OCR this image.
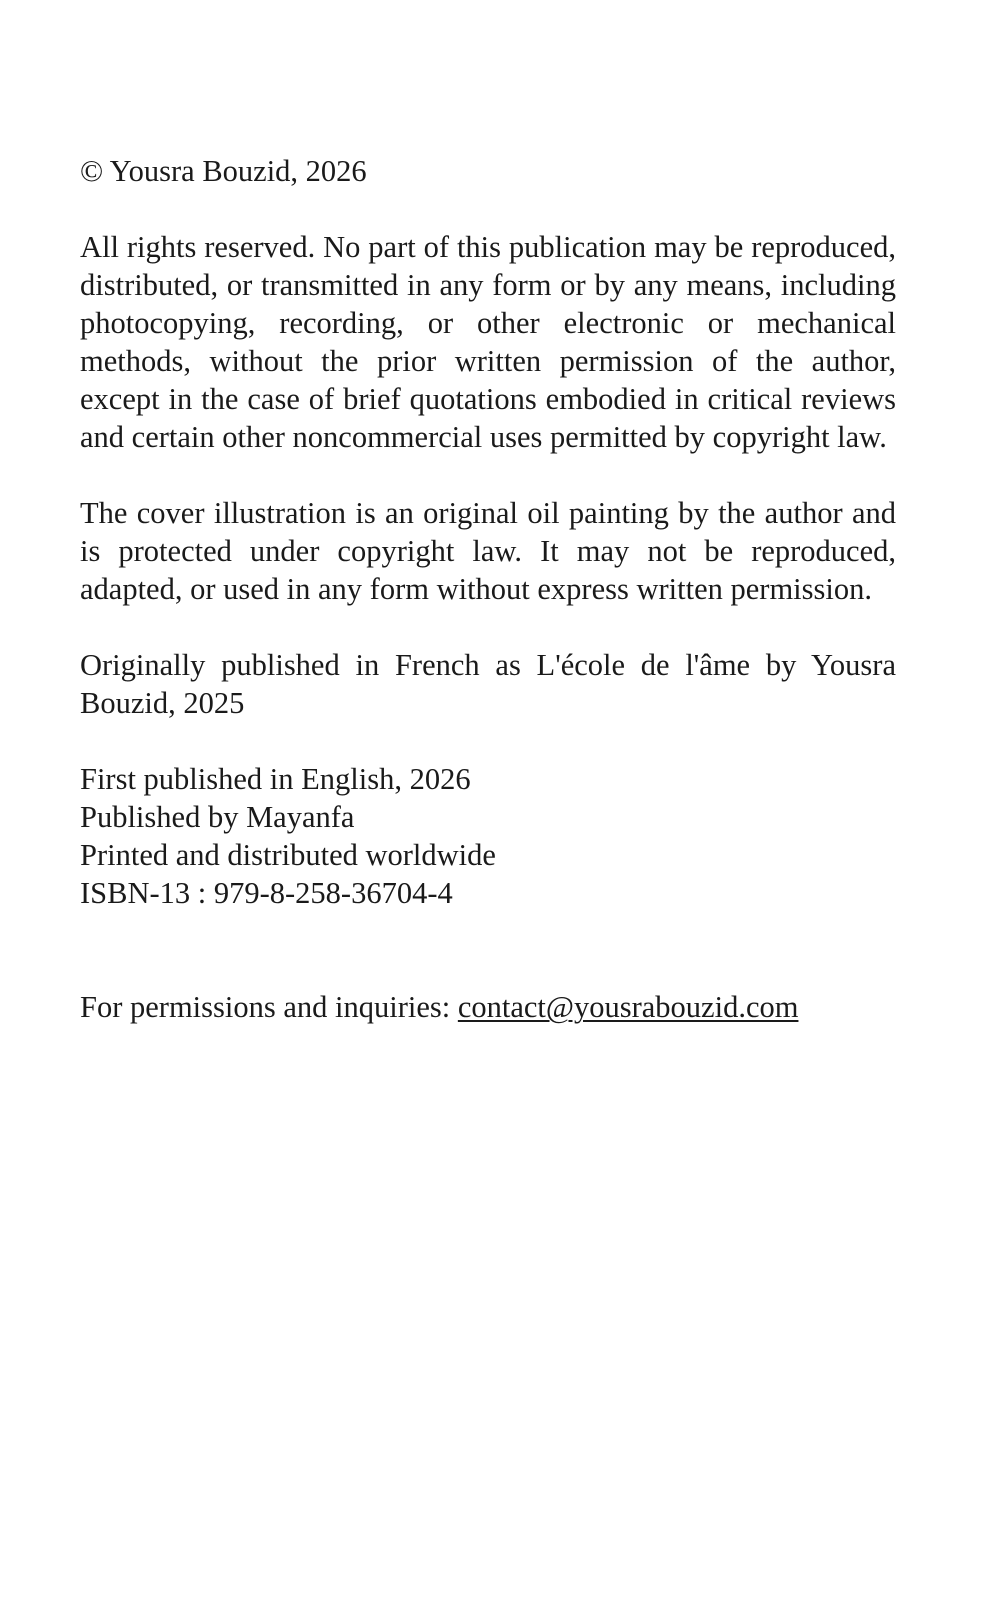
© Yousra Bouzid, 2026

All rights reserved. No part of this publication may be reproduced, distributed, or transmitted in any form or by any means, including photocopying, recording, or other electronic or mechanical methods, without the prior written permission of the author, except in the case of brief quotations embodied in critical reviews and certain other noncommercial uses permitted by copyright law.

The cover illustration is an original oil painting by the author and is protected under copyright law. It may not be reproduced, adapted, or used in any form without express written permission.

Originally published in French as L'école de l'âme by Yousra Bouzid, 2025

First published in English, 2026
Published by Mayanfa
Printed and distributed worldwide
ISBN-13 : 979-8-258-36704-4

For permissions and inquiries: contact@yousrabouzid.com
